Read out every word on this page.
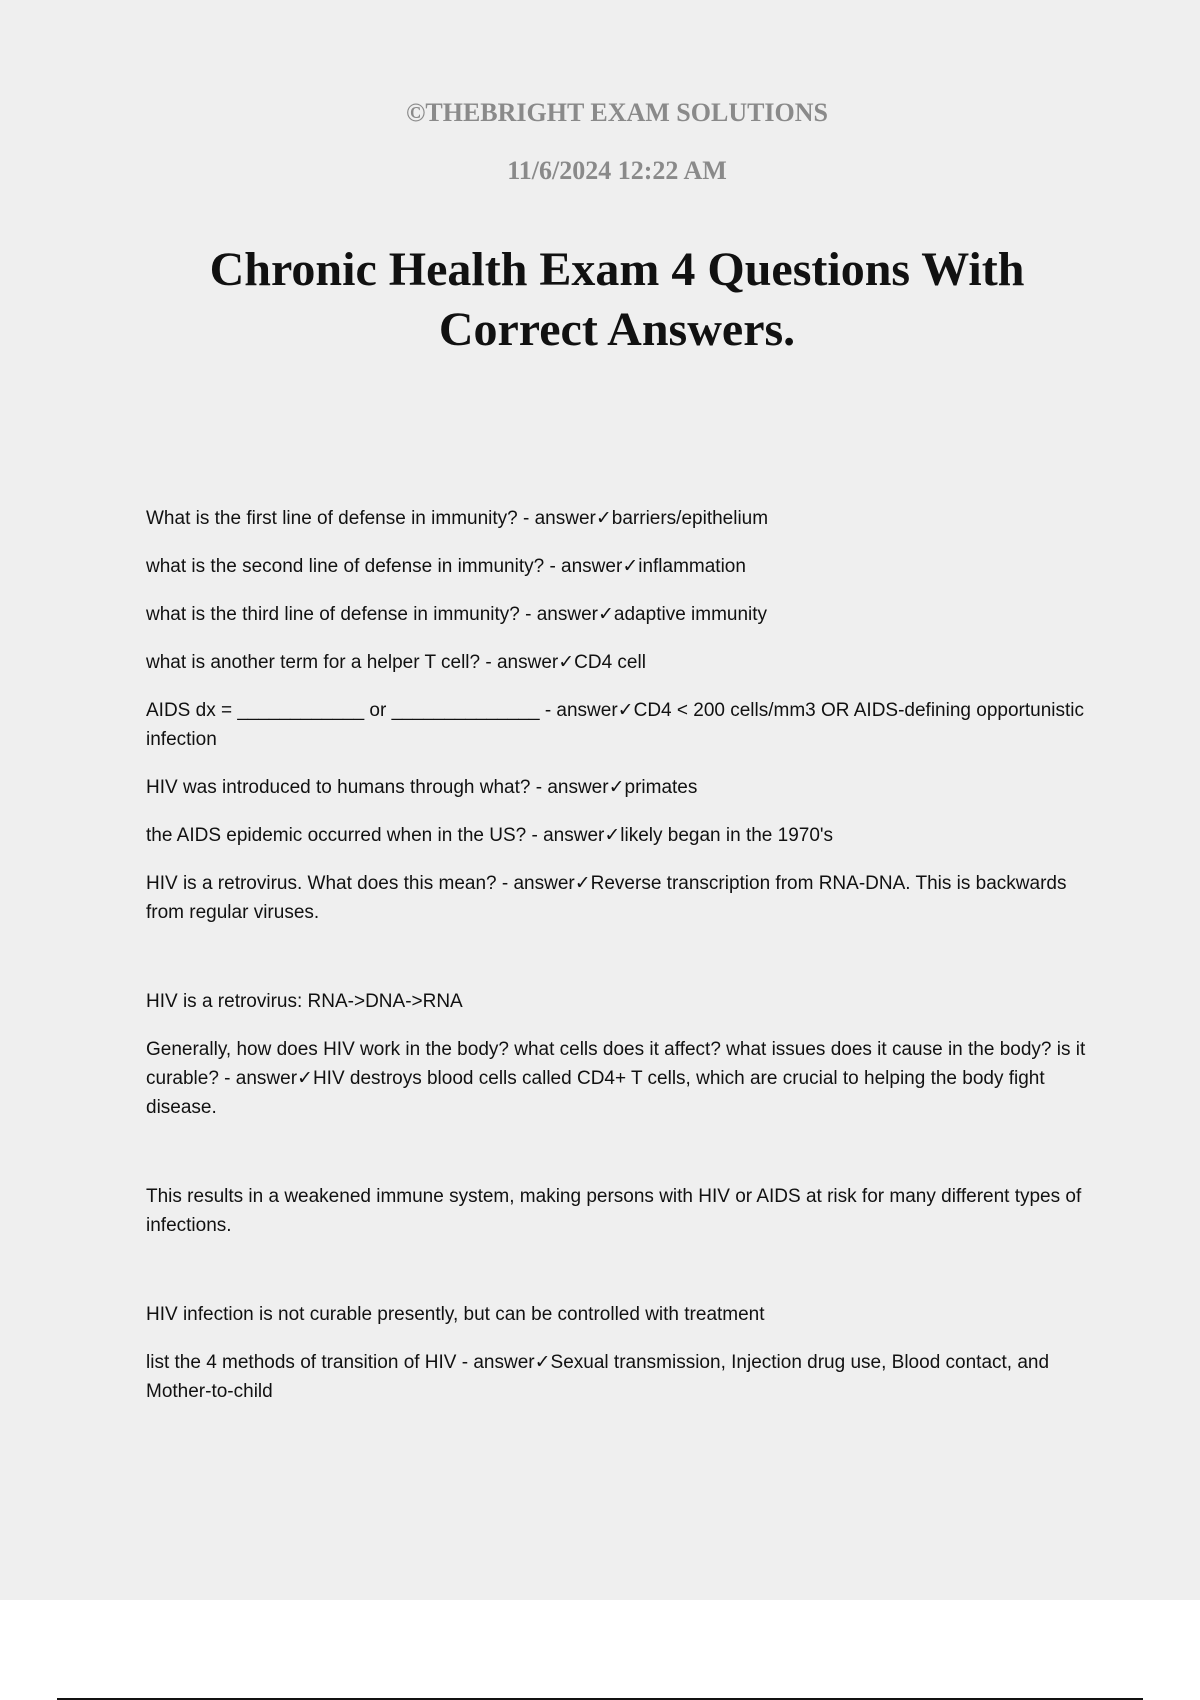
©THEBRIGHT EXAM SOLUTIONS
11/6/2024 12:22 AM
Chronic Health Exam 4 Questions With
Correct Answers.

What is the first line of defense in immunity? - answer✓barriers/epithelium

what is the second line of defense in immunity? - answer✓inflammation

what is the third line of defense in immunity? - answer✓adaptive immunity

what is another term for a helper T cell? - answer✓CD4 cell

AIDS dx = ____________ or ______________ - answer✓CD4 < 200 cells/mm3 OR AIDS-defining opportunistic infection

HIV was introduced to humans through what? - answer✓primates

the AIDS epidemic occurred when in the US? - answer✓likely began in the 1970's

HIV is a retrovirus. What does this mean? - answer✓Reverse transcription from RNA-DNA. This is backwards from regular viruses.

HIV is a retrovirus: RNA->DNA->RNA

Generally, how does HIV work in the body? what cells does it affect? what issues does it cause in the body? is it curable? - answer✓HIV destroys blood cells called CD4+ T cells, which are crucial to helping the body fight disease.

This results in a weakened immune system, making persons with HIV or AIDS at risk for many different types of infections.

HIV infection is not curable presently, but can be controlled with treatment

list the 4 methods of transition of HIV - answer✓Sexual transmission, Injection drug use, Blood contact, and Mother-to-child
